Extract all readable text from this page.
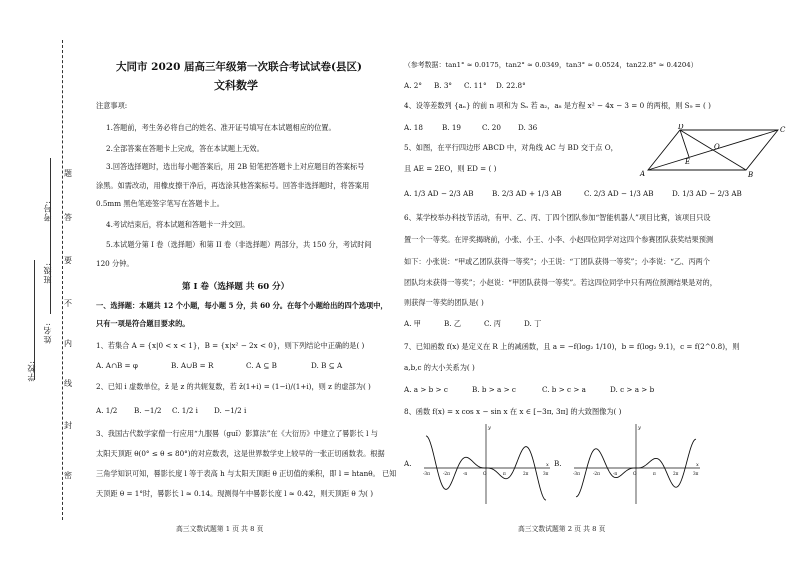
学校:
姓名:
班级:
考号:
密
封
线
内
不
要
答
题
大同市 2020 届高三年级第一次联合考试试卷(县区)
文科数学
注意事项:
1.答题前，考生务必将自己的姓名、准开证号填写在本试题相应的位置。
2.全部答案在答题卡上完成，答在本试题上无效。
3.回答选择题时，选出每小题答案后，用 2B 铅笔把答题卡上对应题目的答案标号
涂黑。如需改动，用橡皮擦干净后，再选涂其他答案标号。回答非选择题时，将答案用
0.5mm 黑色笔迹签字笔写在答题卡上。
4.考试结束后，将本试题和答题卡一并交回。
5.本试题分第 I 卷（选择题）和第 II 卷（非选择题）两部分，共 150 分，考试时间
120 分钟。
第 I 卷（选择题 共 60 分）
一、选择题：本题共 12 个小题，每小题 5 分，共 60 分。在每个小题给出的四个选项中，
只有一项是符合题目要求的。
1、若集合 A = {x|0 < x < 1}，B = {x|x² − 2x < 0}，则下列结论中正确的是( )
A. A∩B = φ	B. A∪B = R	C. A ⊆ B	D. B ⊆ A
2、已知 i 虚数单位，z̄ 是 z 的共轭复数，若 z̄(1+i) = (1−i)/(1+i)，则 z 的虚部为( )
A. 1/2 B. −1/2 C. 1/2 i D. −1/2 i
3、我国古代数学家僧一行应用“九服晷（guǐ）影算法”在《大衍历》中建立了晷影长 l 与
太阳天顶距 θ(0° ≤ θ ≤ 80°)的对应数表，这是世界数学史上较早的一张正切函数表。根据
三角学知识可知，晷影长度 l 等于表高 h 与太阳天顶距 θ 正切值的乘积，即 l = htanθ。 已知
天顶距 θ = 1°时，晷影长 l ≈ 0.14。现测得午中晷影长度 l ≈ 0.42，则天顶距 θ 为( )
高三文数试题第 1 页 共 8 页
（参考数据：tan1° ≈ 0.0175，tan2° ≈ 0.0349，tan3° ≈ 0.0524，tan22.8° ≈ 0.4204）
A. 2° B. 3° C. 11° D. 22.8°
4、设等差数列 {aₙ} 的前 n 项和为 Sₙ 若 a₂，a₈ 是方程 x² − 4x − 3 = 0 的两根，则 S₉ = ( )
A. 18	B. 19	C. 20 D. 36
5、如图，在平行四边形 ABCD 中，对角线 AC 与 BD 交于点 O，
且 AE = 2EO，则 ED = ( )
A. 1/3 AD − 2/3 AB	B. 2/3 AD + 1/3 AB	C. 2/3 AD − 1/3 AB	D. 1/3 AD − 2/3 AB
A	B
C
D
E
O
6、某学校举办科技节活动，有甲、乙、丙、丁四个团队参加“智能机器人”项目比赛，该项目只设
置一个一等奖。在评奖揭晓前，小张、小王、小李、小赵四位同学对这四个参赛团队获奖结果预测
如下：小张说：“甲或乙团队获得一等奖”；小王说：“丁团队获得一等奖”；小李说：“乙、丙两个
团队均未获得一等奖”；小赵说：“甲团队获得一等奖”。若这四位同学中只有两位预测结果是对的，
则获得一等奖的团队是( )
A. 甲	B. 乙	C. 丙	D. 丁
7、已知函数 f(x) 是定义在 R 上的减函数，且 a = −f(log₂ 1/10)，b = f(log₂ 9.1)，c = f(2^0.8)，则
a,b,c 的大小关系为( )
A. a > b > c	B. b > a > c	C. b > c > a	D. c > a > b
8、函数 f(x) = x cos x − sin x 在 x ∈ [−3π, 3π] 的大致图像为( )
A.	x
y
-3π	-2π	-π	O	π	2π	3π
B.	x
y
-3π	-2π	-π	O	π	2π	3π
高三文数试题第 2 页 共 8 页
